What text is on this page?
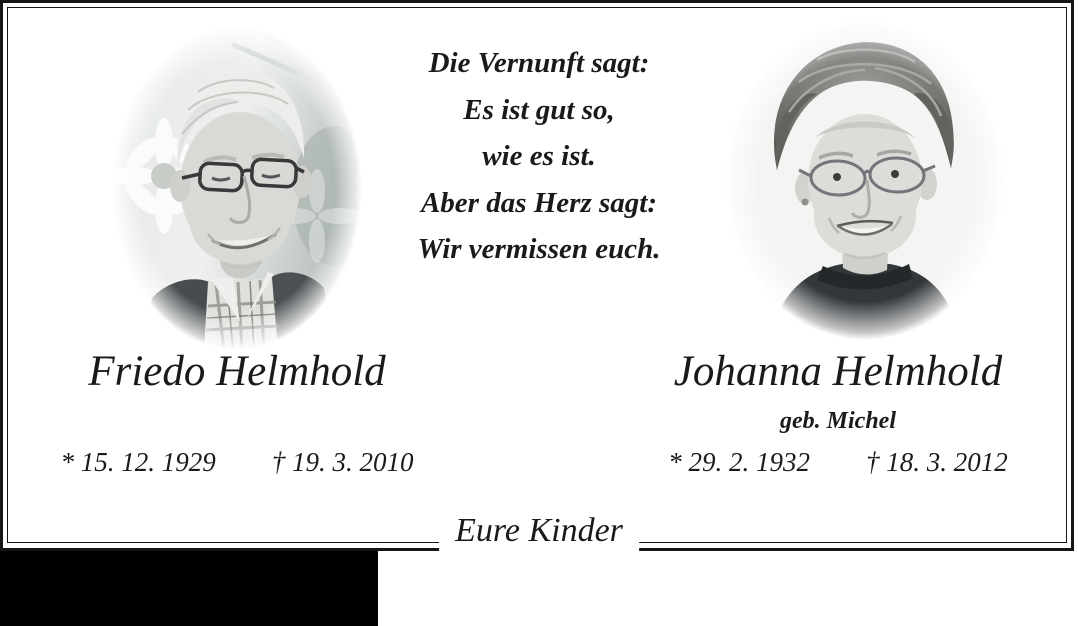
Die Vernunft sagt:
Es ist gut so,
wie es ist.
Aber das Herz sagt:
Wir vermissen euch.
Friedo Helmhold
* 15. 12. 1929 † 19. 3. 2010
Johanna Helmhold
geb. Michel
* 29. 2. 1932 † 18. 3. 2012
Eure Kinder
